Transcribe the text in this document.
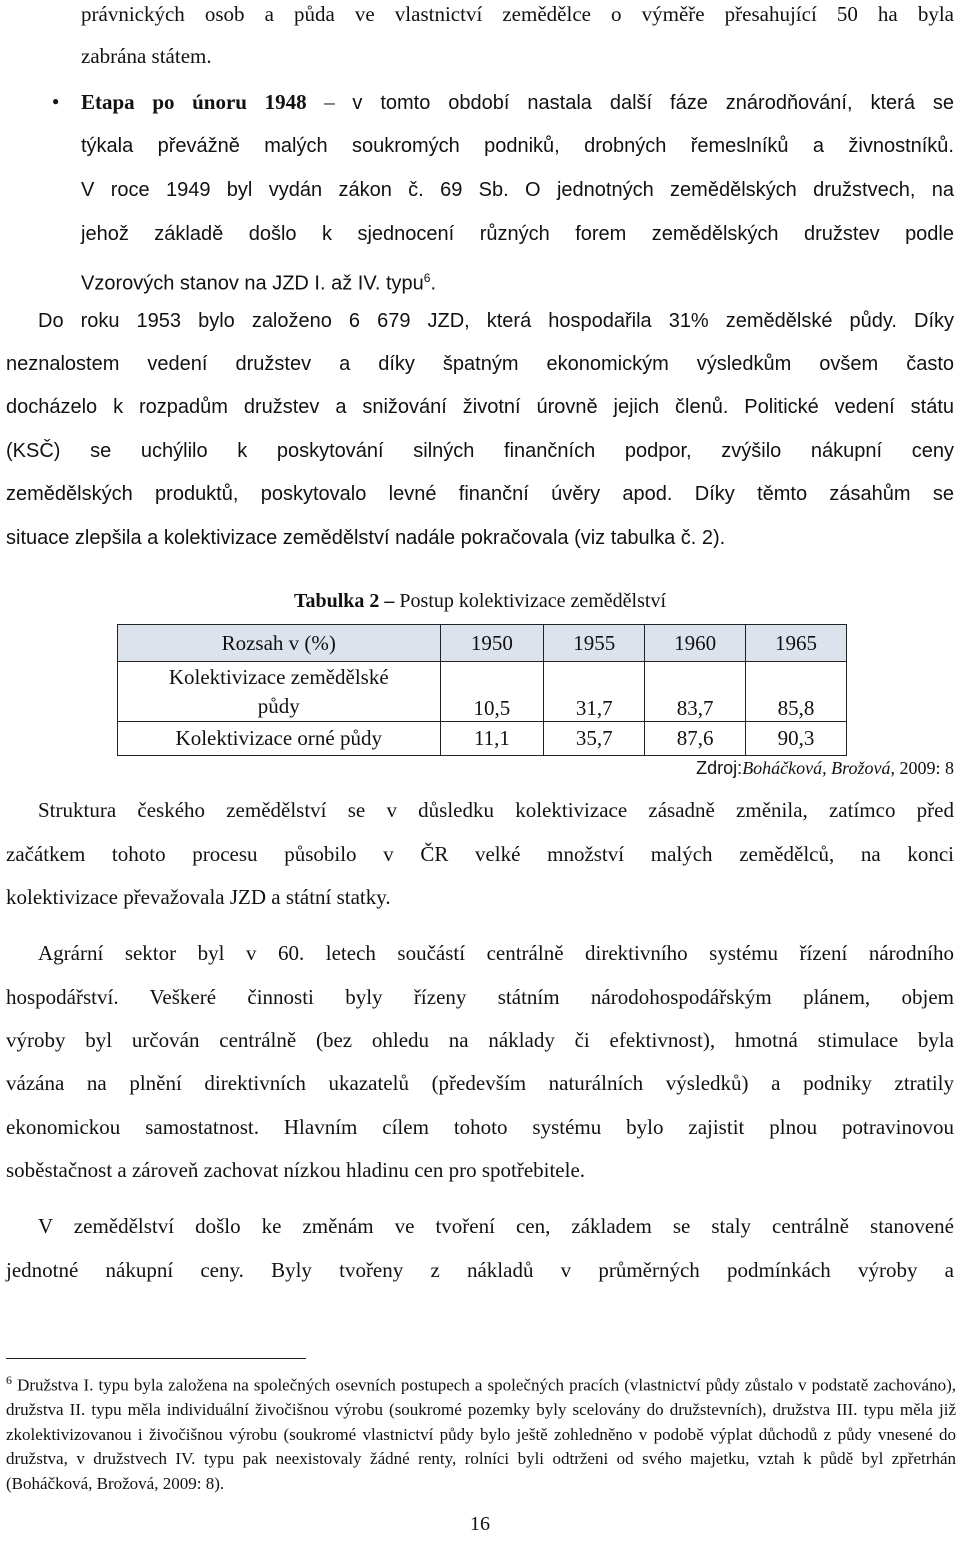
právnických osob a půda ve vlastnictví zemědělce o výměře přesahující 50 ha byla

zabrána státem.

● Etapa po únoru 1948 – v tomto období nastala další fáze znárodňování, která se

týkala převážně malých soukromých podniků, drobných řemeslníků a živnostníků.

V roce 1949 byl vydán zákon č. 69 Sb. O jednotných zemědělských družstvech, na

jehož základě došlo k sjednocení různých forem zemědělských družstev podle

Vzorových stanov na JZD I. až IV. typu$^6$.

Do roku 1953 bylo založeno 6 679 JZD, která hospodařila 31% zemědělské půdy. Díky

neznalostem vedení družstev a díky špatným ekonomickým výsledkům ovšem často

docházelo k rozpadům družstev a snižování životní úrovně jejich členů. Politické vedení státu

(KSČ) se uchýlilo k poskytování silných finančních podpor, zvýšilo nákupní ceny

zemědělských produktů, poskytovalo levné finanční úvěry apod. Díky těmto zásahům se

situace zlepšila a kolektivizace zemědělství nadále pokračovala (viz tabulka č. 2).

Tabulka 2 – Postup kolektivizace zemědělství
Rozsah v (%)	1950	1955	1960	1965
Kolektivizace zemědělské
půdy	10,5	31,7	83,7	85,8
Kolektivizace orné půdy	11,1	35,7	87,6	90,3
Zdroj:Boháčková, Brožová, 2009: 8

Struktura českého zemědělství se v důsledku kolektivizace zásadně změnila, zatímco před

začátkem tohoto procesu působilo v ČR velké množství malých zemědělců, na konci

kolektivizace převažovala JZD a státní statky.

Agrární sektor byl v 60. letech součástí centrálně direktivního systému řízení národního

hospodářství. Veškeré činnosti byly řízeny státním národohospodářským plánem, objem

výroby byl určován centrálně (bez ohledu na náklady či efektivnost), hmotná stimulace byla

vázána na plnění direktivních ukazatelů (především naturálních výsledků) a podniky ztratily

ekonomickou samostatnost. Hlavním cílem tohoto systému bylo zajistit plnou potravinovou

soběstačnost a zároveň zachovat nízkou hladinu cen pro spotřebitele.

V zemědělství došlo ke změnám ve tvoření cen, základem se staly centrálně stanovené

jednotné nákupní ceny. Byly tvořeny z nákladů v průměrných podmínkách výroby a

$^6$ Družstva I. typu byla založena na společných osevních postupech a společných pracích (vlastnictví půdy zůstalo v podstatě zachováno), družstva II. typu měla individuální živočišnou výrobu (soukromé pozemky byly scelovány do družstevních), družstva III. typu měla již zkolektivizovanou i živočišnou výrobu (soukromé vlastnictví půdy bylo ještě zohledněno v podobě výplat důchodů z půdy vnesené do družstva, v družstvech IV. typu pak neexistovaly žádné renty, rolníci byli odtrženi od svého majetku, vztah k půdě byl zpřetrhán (Boháčková, Brožová, 2009: 8).

16
